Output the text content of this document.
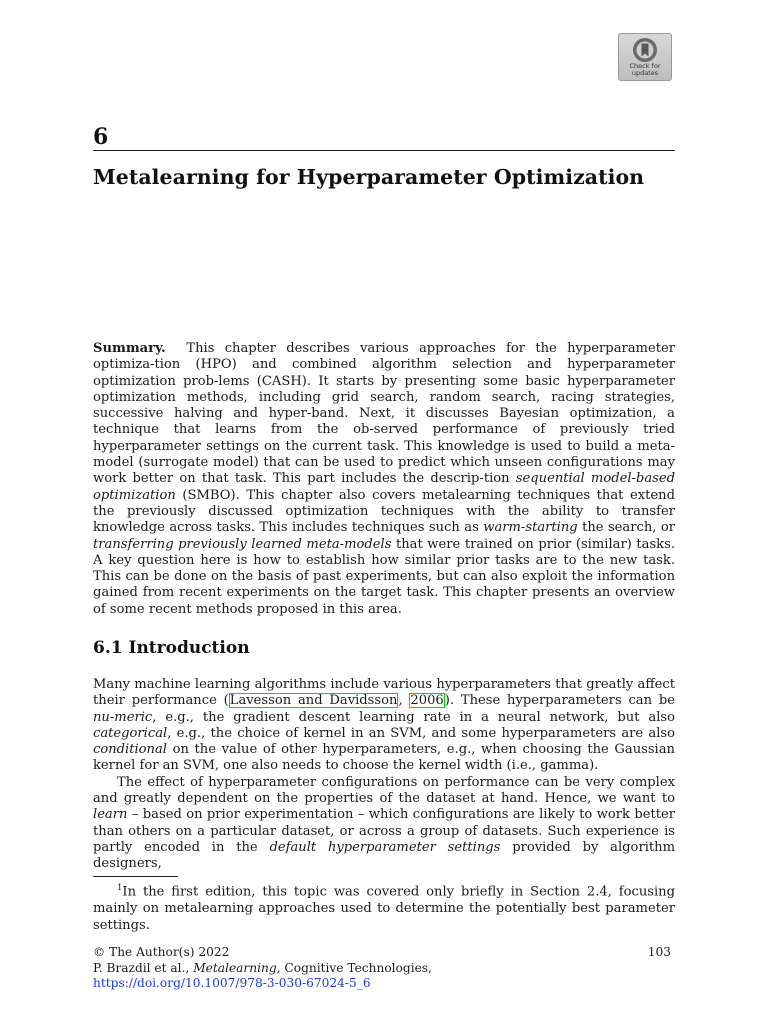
Check for
updates
6
Metalearning for Hyperparameter Optimization

Summary. This chapter describes various approaches for the hyperparameter optimiza-tion (HPO) and combined algorithm selection and hyperparameter optimization prob-lems (CASH). It starts by presenting some basic hyperparameter optimization methods, including grid search, random search, racing strategies, successive halving and hyper-band. Next, it discusses Bayesian optimization, a technique that learns from the ob-served performance of previously tried hyperparameter settings on the current task. This knowledge is used to build a meta-model (surrogate model) that can be used to predict which unseen configurations may work better on that task. This part includes the descrip-tion sequential model-based optimization (SMBO). This chapter also covers metalearning techniques that extend the previously discussed optimization techniques with the ability to transfer knowledge across tasks. This includes techniques such as warm-starting the search, or transferring previously learned meta-models that were trained on prior (similar) tasks. A key question here is how to establish how similar prior tasks are to the new task. This can be done on the basis of past experiments, but can also exploit the information gained from recent experiments on the target task. This chapter presents an overview of some recent methods proposed in this area.

6.1 Introduction

Many machine learning algorithms include various hyperparameters that greatly affect their performance (Lavesson and Davidsson, 2006). These hyperparameters can be nu-meric, e.g., the gradient descent learning rate in a neural network, but also categorical, e.g., the choice of kernel in an SVM, and some hyperparameters are also conditional on the value of other hyperparameters, e.g., when choosing the Gaussian kernel for an SVM, one also needs to choose the kernel width (i.e., gamma).

The effect of hyperparameter configurations on performance can be very complex and greatly dependent on the properties of the dataset at hand. Hence, we want to learn – based on prior experimentation – which configurations are likely to work better than others on a particular dataset, or across a group of datasets. Such experience is partly encoded in the default hyperparameter settings provided by algorithm designers,

$^1$In the first edition, this topic was covered only briefly in Section 2.4, focusing mainly on metalearning approaches used to determine the potentially best parameter settings.

© The Author(s) 2022	103
P. Brazdil et al., Metalearning, Cognitive Technologies,
https://doi.org/10.1007/978-3-030-67024-5_6
